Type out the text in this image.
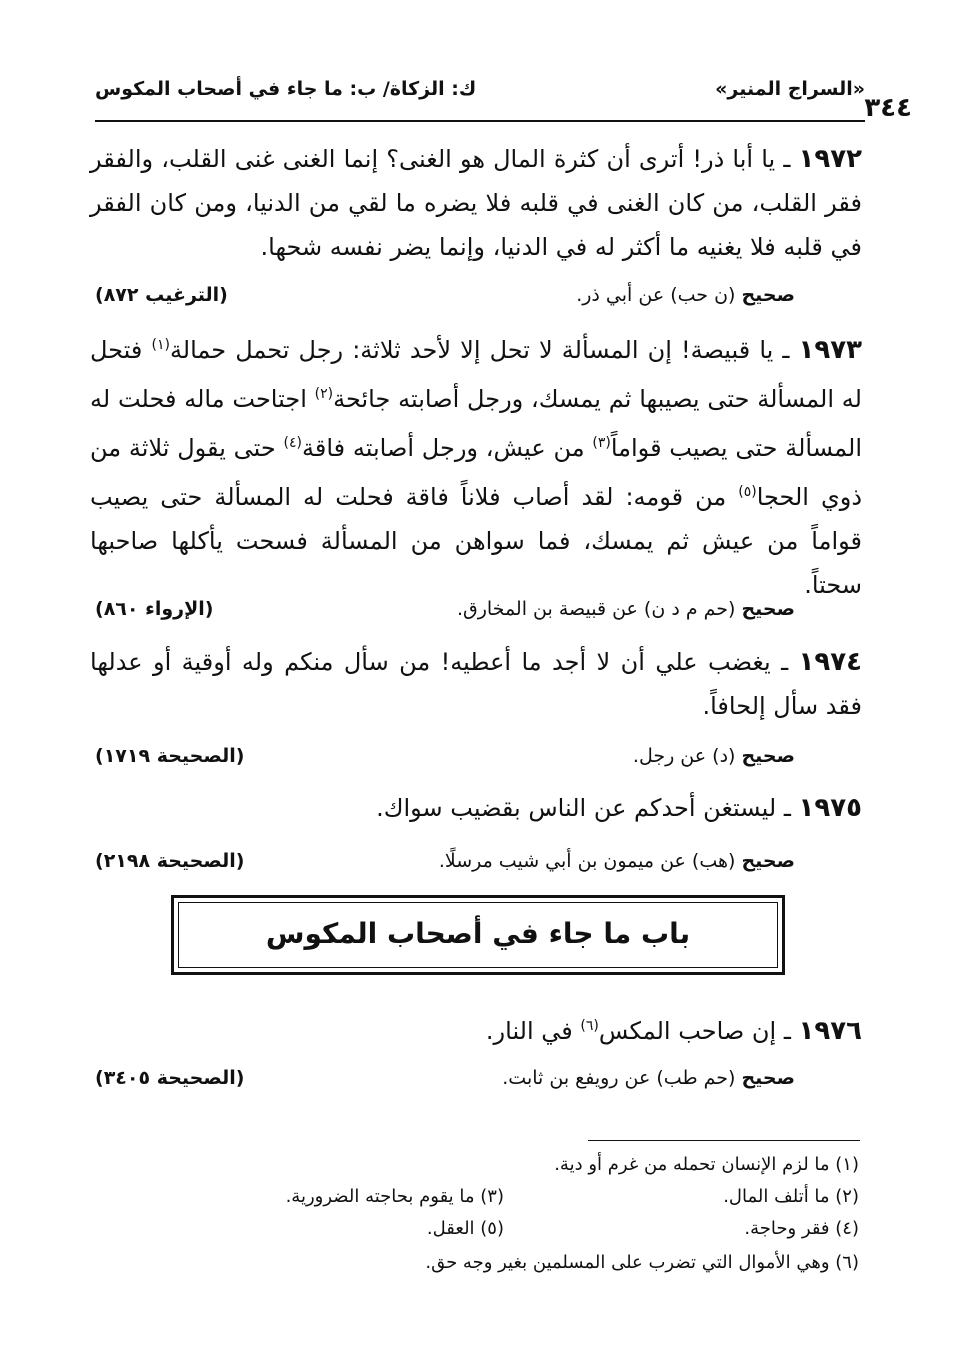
«السراج المنير»
ك: الزكاة/ ب: ما جاء في أصحاب المكوس
٣٤٤

١٩٧٢ ـ يا أبا ذر! أترى أن كثرة المال هو الغنى؟ إنما الغنى غنى القلب، والفقر فقر القلب، من كان الغنى في قلبه فلا يضره ما لقي من الدنيا، ومن كان الفقر في قلبه فلا يغنيه ما أكثر له في الدنيا، وإنما يضر نفسه شحها.

صحيح (ن حب) عن أبي ذر.
(الترغيب ٨٧٢)

١٩٧٣ ـ يا قبيصة! إن المسألة لا تحل إلا لأحد ثلاثة: رجل تحمل حمالة$^{(١)}$ فتحل له المسألة حتى يصيبها ثم يمسك، ورجل أصابته جائحة$^{(٢)}$ اجتاحت ماله فحلت له المسألة حتى يصيب قواماً$^{(٣)}$ من عيش، ورجل أصابته فاقة$^{(٤)}$ حتى يقول ثلاثة من ذوي الحجا$^{(٥)}$ من قومه: لقد أصاب فلاناً فاقة فحلت له المسألة حتى يصيب قواماً من عيش ثم يمسك، فما سواهن من المسألة فسحت يأكلها صاحبها سحتاً.

صحيح (حم م د ن) عن قبيصة بن المخارق.
(الإرواء ٨٦٠)

١٩٧٤ ـ يغضب علي أن لا أجد ما أعطيه! من سأل منكم وله أوقية أو عدلها فقد سأل إلحافاً.

صحيح (د) عن رجل.
(الصحيحة ١٧١٩)

١٩٧٥ ـ ليستغن أحدكم عن الناس بقضيب سواك.

صحيح (هب) عن ميمون بن أبي شيب مرسلًا.
(الصحيحة ٢١٩٨)
باب ما جاء في أصحاب المكوس

١٩٧٦ ـ إن صاحب المكس$^{(٦)}$ في النار.

صحيح (حم طب) عن رويفع بن ثابت.
(الصحيحة ٣٤٠٥)
(١) ما لزم الإنسان تحمله من غرم أو دية.
(٢) ما أتلف المال.
(٣) ما يقوم بحاجته الضرورية.
(٤) فقر وحاجة.
(٥) العقل.
(٦) وهي الأموال التي تضرب على المسلمين بغير وجه حق.
